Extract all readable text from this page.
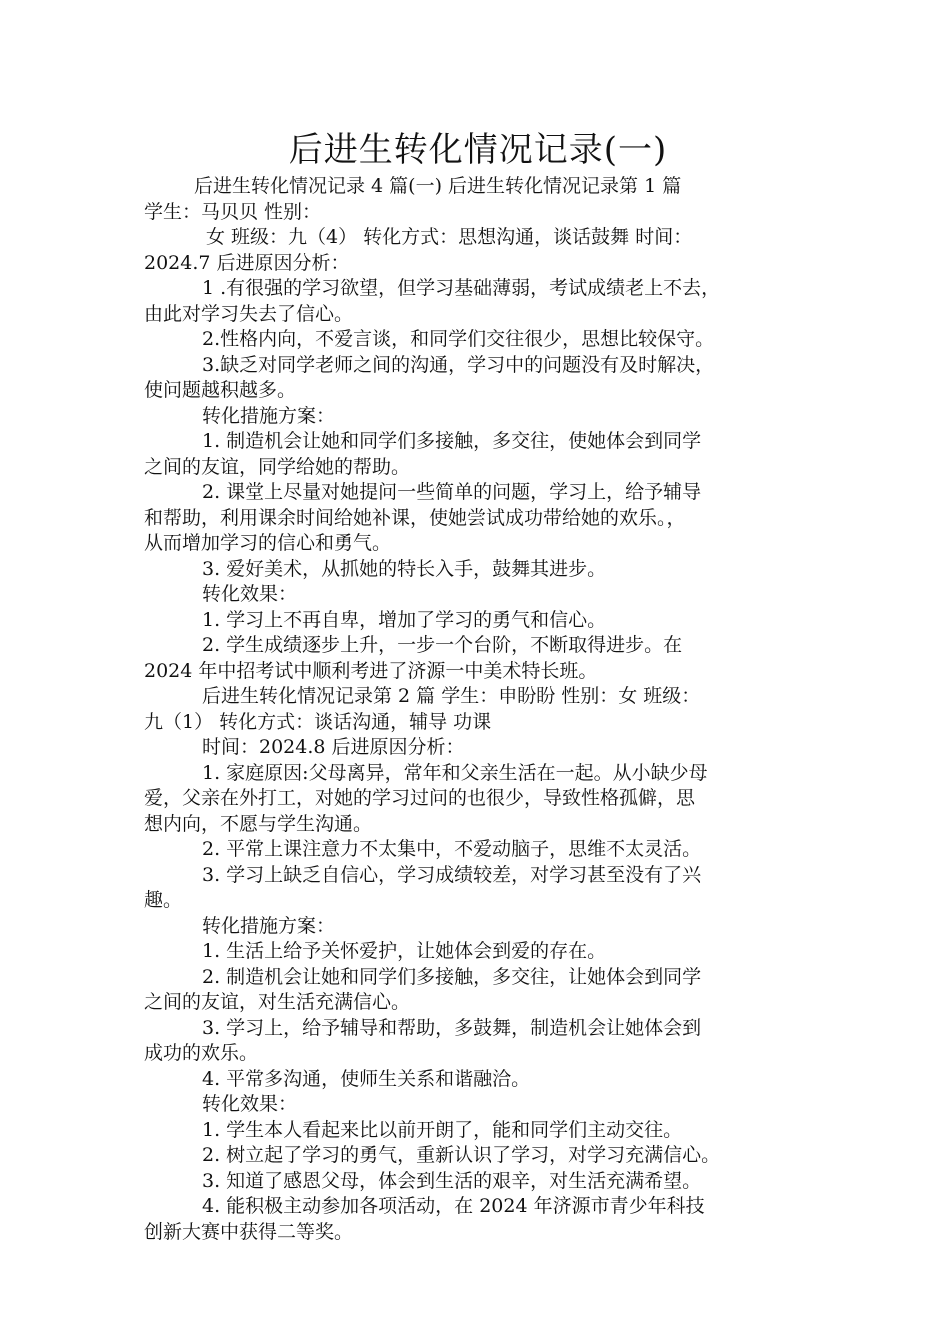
后进生转化情况记录(一)

后进生转化情况记录 4 篇(一) 后进生转化情况记录第 1 篇

学生：马贝贝 性别：

女 班级：九（4） 转化方式：思想沟通，谈话鼓舞 时间：

2024.7 后进原因分析：

1 .有很强的学习欲望，但学习基础薄弱，考试成绩老上不去，

由此对学习失去了信心。

2.性格内向，不爱言谈，和同学们交往很少，思想比较保守。

3.缺乏对同学老师之间的沟通，学习中的问题没有及时解决，

使问题越积越多。

转化措施方案：

1. 制造机会让她和同学们多接触，多交往，使她体会到同学

之间的友谊，同学给她的帮助。

2. 课堂上尽量对她提问一些简单的问题，学习上，给予辅导

和帮助，利用课余时间给她补课，使她尝试成功带给她的欢乐。，

从而增加学习的信心和勇气。

3. 爱好美术，从抓她的特长入手，鼓舞其进步。

转化效果：

1. 学习上不再自卑，增加了学习的勇气和信心。

2. 学生成绩逐步上升，一步一个台阶，不断取得进步。在

2024 年中招考试中顺利考进了济源一中美术特长班。

后进生转化情况记录第 2 篇 学生：申盼盼 性别：女 班级：

九（1） 转化方式：谈话沟通，辅导 功课

时间：2024.8 后进原因分析：

1. 家庭原因:父母离异，常年和父亲生活在一起。从小缺少母

爱，父亲在外打工，对她的学习过问的也很少，导致性格孤僻，思

想内向，不愿与学生沟通。

2. 平常上课注意力不太集中，不爱动脑子，思维不太灵活。

3. 学习上缺乏自信心，学习成绩较差，对学习甚至没有了兴

趣。

转化措施方案：

1. 生活上给予关怀爱护，让她体会到爱的存在。

2. 制造机会让她和同学们多接触，多交往，让她体会到同学

之间的友谊，对生活充满信心。

3. 学习上，给予辅导和帮助，多鼓舞，制造机会让她体会到

成功的欢乐。

4. 平常多沟通，使师生关系和谐融洽。

转化效果：

1. 学生本人看起来比以前开朗了，能和同学们主动交往。

2. 树立起了学习的勇气，重新认识了学习，对学习充满信心。

3. 知道了感恩父母，体会到生活的艰辛，对生活充满希望。

4. 能积极主动参加各项活动，在 2024 年济源市青少年科技

创新大赛中获得二等奖。
